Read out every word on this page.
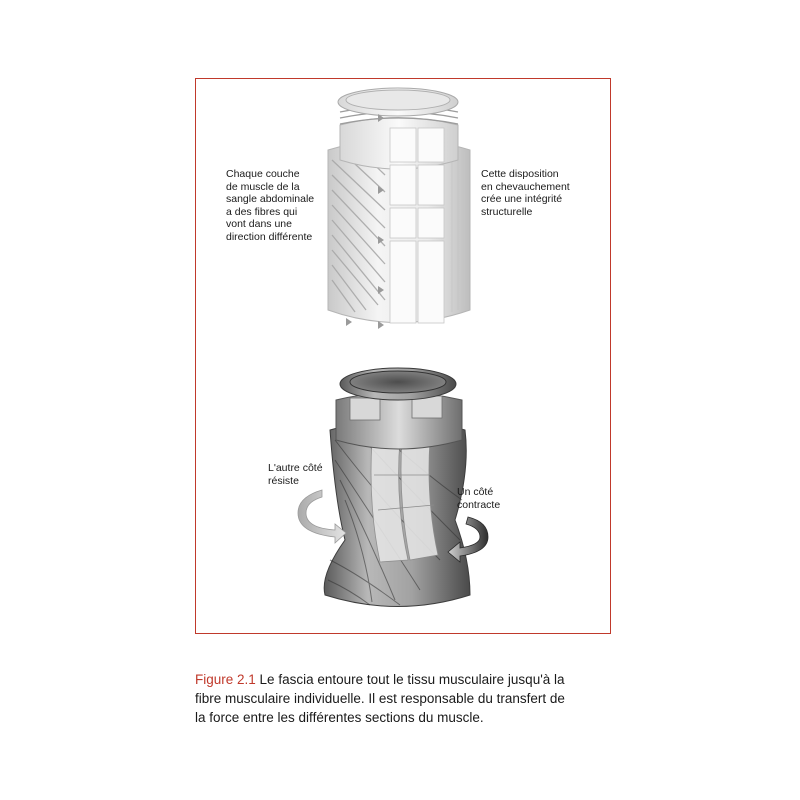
Chaque couche
de muscle de la
sangle abdominale
a des fibres qui
vont dans une
direction différente
Cette disposition
en chevauchement
crée une intégrité
structurelle
L'autre côté
résiste
Un côté
contracte
Figure 2.1 Le fascia entoure tout le tissu musculaire jusqu'à la fibre musculaire individuelle. Il est responsable du transfert de la force entre les différentes sections du muscle.
